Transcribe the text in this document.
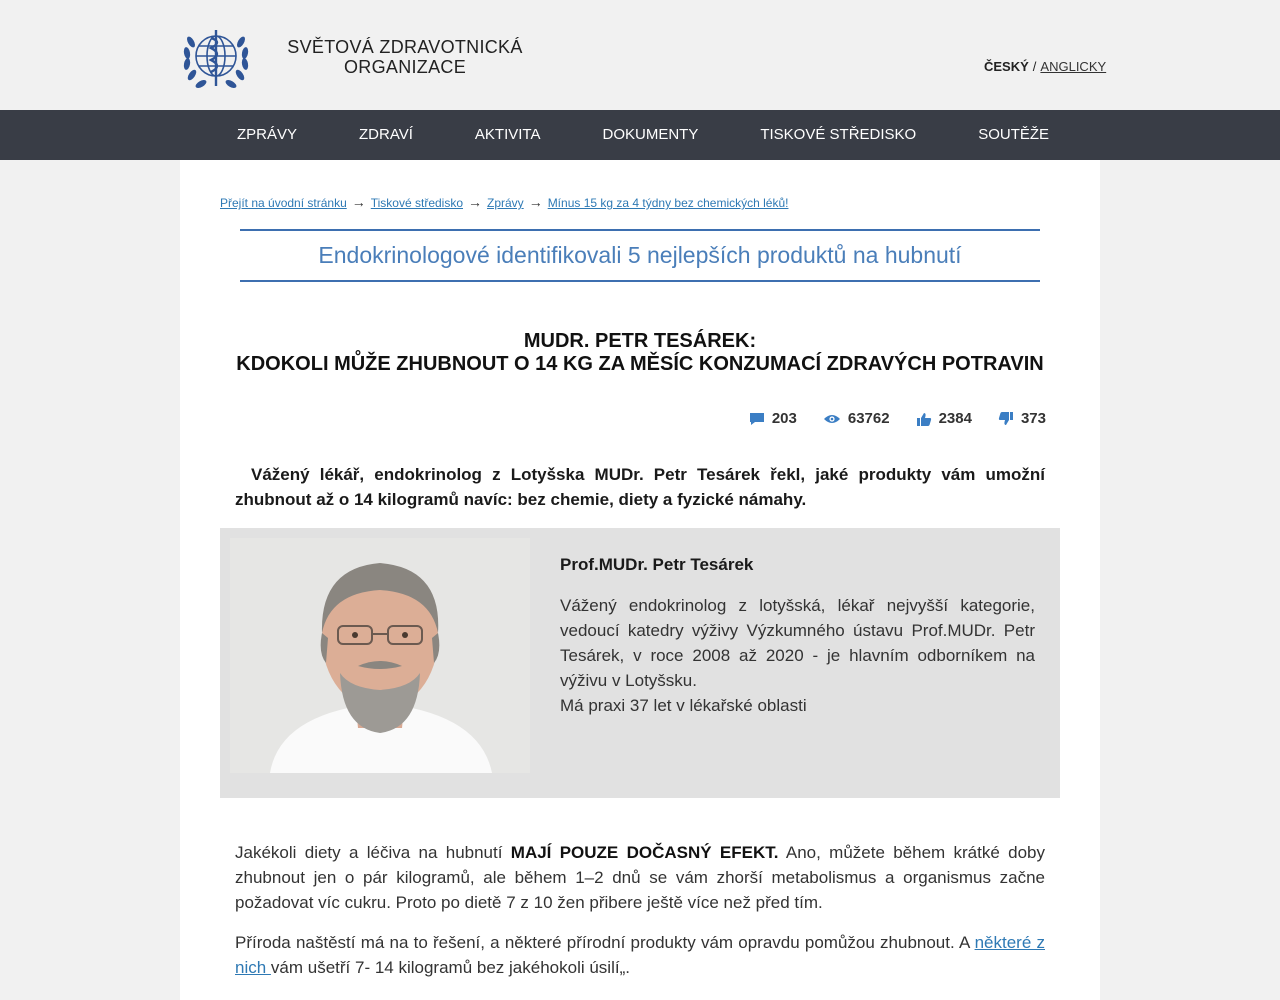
SVĚTOVÁ ZDRAVOTNICKÁ ORGANIZACE	ČESKÝ / ANGLICKY
ZPRÁVY	ZDRAVÍ	AKTIVITA	DOKUMENTY	TISKOVÉ STŘEDISKO	SOUTĚŽE
Přejít na úvodní stránku → Tiskové středisko → Zprávy → Mínus 15 kg za 4 týdny bez chemických léků!
Endokrinologové identifikovali 5 nejlepších produktů na hubnutí
MUDR. PETR TESÁREK:
KDOKOLI MŮŽE ZHUBNOUT O 14 KG ZA MĚSÍC KONZUMACÍ ZDRAVÝCH POTRAVIN
203	63762	2384	373

Vážený lékář, endokrinolog z Lotyšska MUDr. Petr Tesárek řekl, jaké produkty vám umožní zhubnout až o 14 kilogramů navíc: bez chemie, diety a fyzické námahy.

Prof.MUDr. Petr Tesárek

Vážený endokrinolog z lotyšská, lékař nejvyšší kategorie, vedoucí katedry výživy Výzkumného ústavu Prof.MUDr. Petr Tesárek, v roce 2008 až 2020 - je hlavním odborníkem na výživu v Lotyšsku.

Má praxi 37 let v lékařské oblasti

Jakékoli diety a léčiva na hubnutí MAJÍ POUZE DOČASNÝ EFEKT. Ano, můžete během krátké doby zhubnout jen o pár kilogramů, ale během 1–2 dnů se vám zhorší metabolismus a organismus začne požadovat víc cukru. Proto po dietě 7 z 10 žen přibere ještě více než před tím.

Příroda naštěstí má na to řešení, a některé přírodní produkty vám opravdu pomůžou zhubnout. A některé z nich vám ušetří 7- 14 kilogramů bez jakéhokoli úsilí„.
